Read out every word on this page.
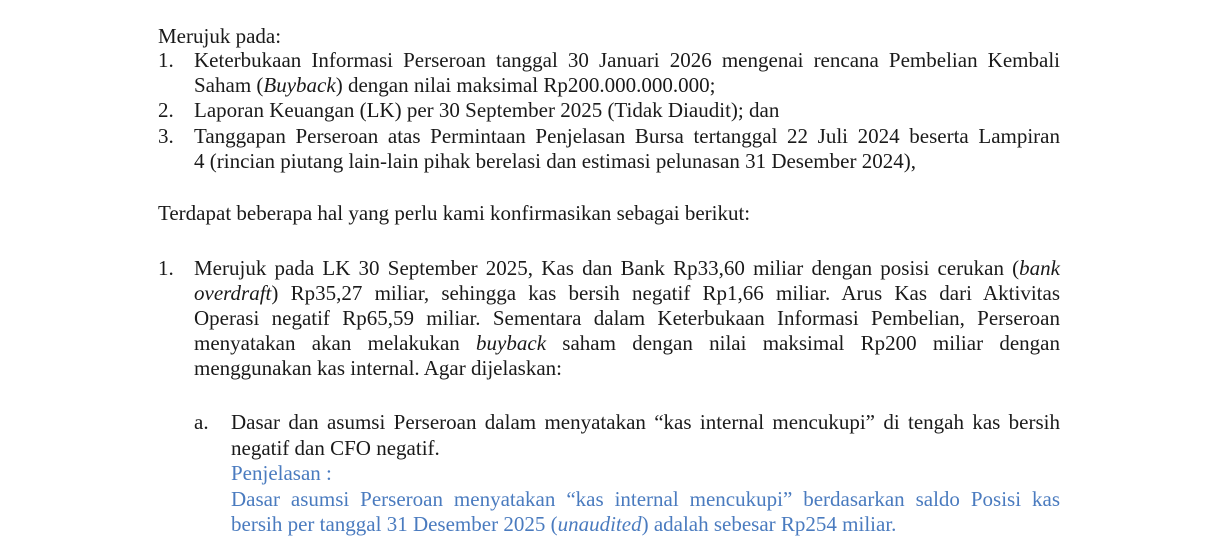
Merujuk pada:
1. Keterbukaan Informasi Perseroan tanggal 30 Januari 2026 mengenai rencana Pembelian Kembali
Saham (Buyback) dengan nilai maksimal Rp200.000.000.000;
2. Laporan Keuangan (LK) per 30 September 2025 (Tidak Diaudit); dan
3. Tanggapan Perseroan atas Permintaan Penjelasan Bursa tertanggal 22 Juli 2024 beserta Lampiran
4 (rincian piutang lain-lain pihak berelasi dan estimasi pelunasan 31 Desember 2024),
Terdapat beberapa hal yang perlu kami konfirmasikan sebagai berikut:
1. Merujuk pada LK 30 September 2025, Kas dan Bank Rp33,60 miliar dengan posisi cerukan (bank
overdraft) Rp35,27 miliar, sehingga kas bersih negatif Rp1,66 miliar. Arus Kas dari Aktivitas
Operasi negatif Rp65,59 miliar. Sementara dalam Keterbukaan Informasi Pembelian, Perseroan
menyatakan akan melakukan buyback saham dengan nilai maksimal Rp200 miliar dengan
menggunakan kas internal. Agar dijelaskan:
a. Dasar dan asumsi Perseroan dalam menyatakan “kas internal mencukupi” di tengah kas bersih
negatif dan CFO negatif.
Penjelasan :
Dasar asumsi Perseroan menyatakan “kas internal mencukupi” berdasarkan saldo Posisi kas
bersih per tanggal 31 Desember 2025 (unaudited) adalah sebesar Rp254 miliar.
